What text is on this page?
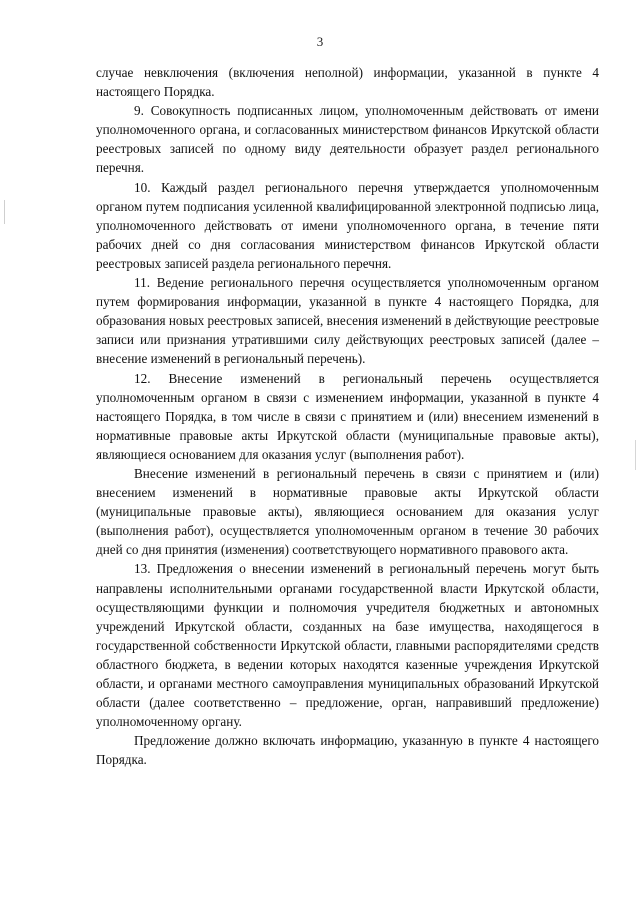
3

случае невключения (включения неполной) информации, указанной в пункте 4 настоящего Порядка.

9. Совокупность подписанных лицом, уполномоченным действовать от имени уполномоченного органа, и согласованных министерством финансов Иркутской области реестровых записей по одному виду деятельности образует раздел регионального перечня.

10. Каждый раздел регионального перечня утверждается уполномоченным органом путем подписания усиленной квалифицированной электронной подписью лица, уполномоченного действовать от имени уполномоченного органа, в течение пяти рабочих дней со дня согласования министерством финансов Иркутской области реестровых записей раздела регионального перечня.

11. Ведение регионального перечня осуществляется уполномоченным органом путем формирования информации, указанной в пункте 4 настоящего Порядка, для образования новых реестровых записей, внесения изменений в действующие реестровые записи или признания утратившими силу действующих реестровых записей (далее – внесение изменений в региональный перечень).

12. Внесение изменений в региональный перечень осуществляется уполномоченным органом в связи с изменением информации, указанной в пункте 4 настоящего Порядка, в том числе в связи с принятием и (или) внесением изменений в нормативные правовые акты Иркутской области (муниципальные правовые акты), являющиеся основанием для оказания услуг (выполнения работ).

Внесение изменений в региональный перечень в связи с принятием и (или) внесением изменений в нормативные правовые акты Иркутской области (муниципальные правовые акты), являющиеся основанием для оказания услуг (выполнения работ), осуществляется уполномоченным органом в течение 30 рабочих дней со дня принятия (изменения) соответствующего нормативного правового акта.

13. Предложения о внесении изменений в региональный перечень могут быть направлены исполнительными органами государственной власти Иркутской области, осуществляющими функции и полномочия учредителя бюджетных и автономных учреждений Иркутской области, созданных на базе имущества, находящегося в государственной собственности Иркутской области, главными распорядителями средств областного бюджета, в ведении которых находятся казенные учреждения Иркутской области, и органами местного самоуправления муниципальных образований Иркутской области (далее соответственно – предложение, орган, направивший предложение) уполномоченному органу.

Предложение должно включать информацию, указанную в пункте 4 настоящего Порядка.
